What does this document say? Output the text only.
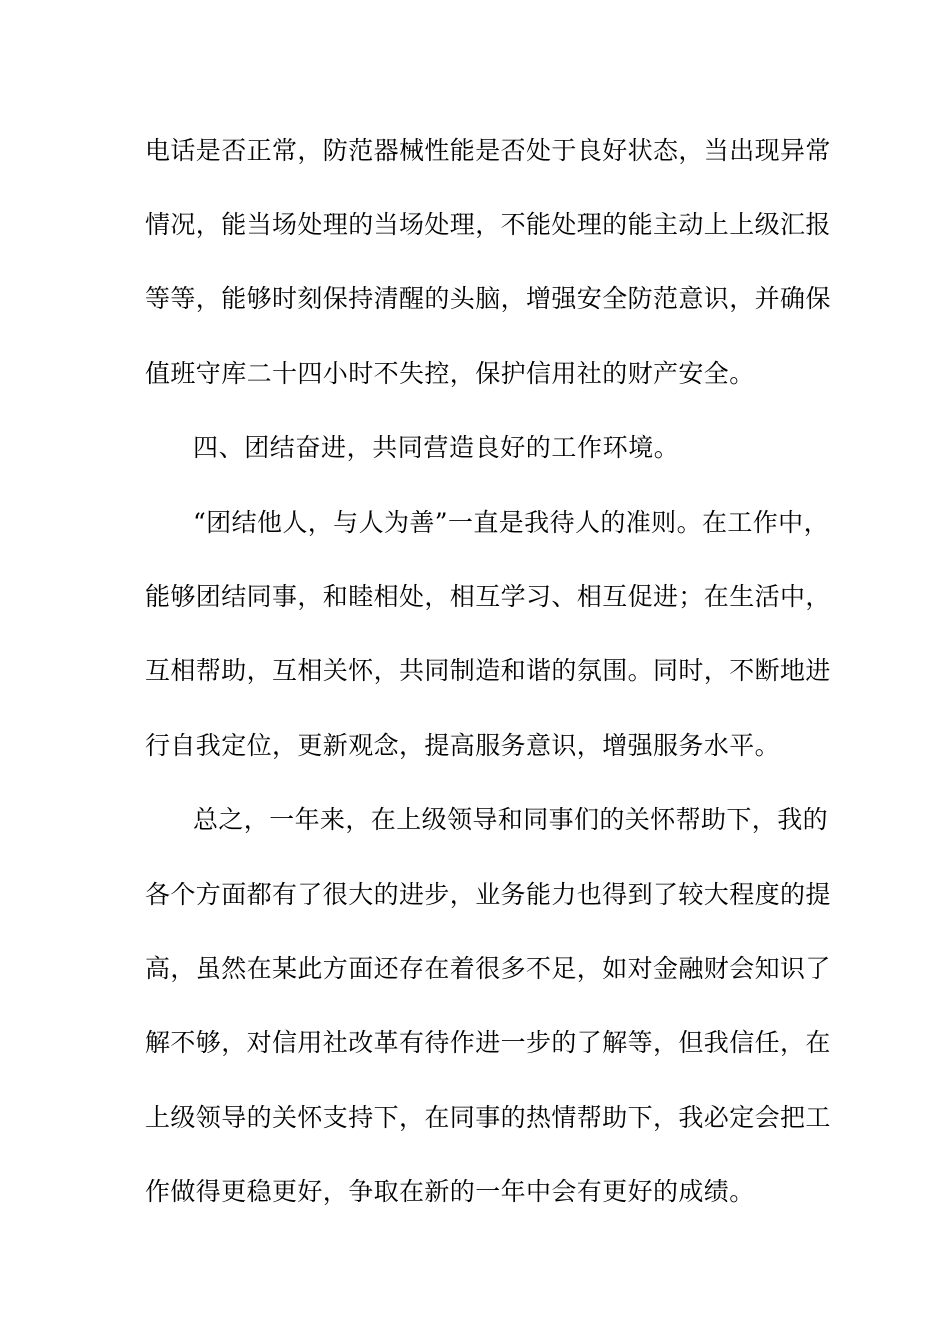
电话是否正常，防范器械性能是否处于良好状态，当出现异常
情况，能当场处理的当场处理，不能处理的能主动上上级汇报
等等，能够时刻保持清醒的头脑，增强安全防范意识，并确保
值班守库二十四小时不失控，保护信用社的财产安全。
四、团结奋进，共同营造良好的工作环境。
“团结他人，与人为善”一直是我待人的准则。在工作中，
能够团结同事，和睦相处，相互学习、相互促进；在生活中，
互相帮助，互相关怀，共同制造和谐的氛围。同时，不断地进
行自我定位，更新观念，提高服务意识，增强服务水平。
总之，一年来，在上级领导和同事们的关怀帮助下，我的
各个方面都有了很大的进步，业务能力也得到了较大程度的提
高，虽然在某此方面还存在着很多不足，如对金融财会知识了
解不够，对信用社改革有待作进一步的了解等，但我信任，在
上级领导的关怀支持下，在同事的热情帮助下，我必定会把工
作做得更稳更好，争取在新的一年中会有更好的成绩。
